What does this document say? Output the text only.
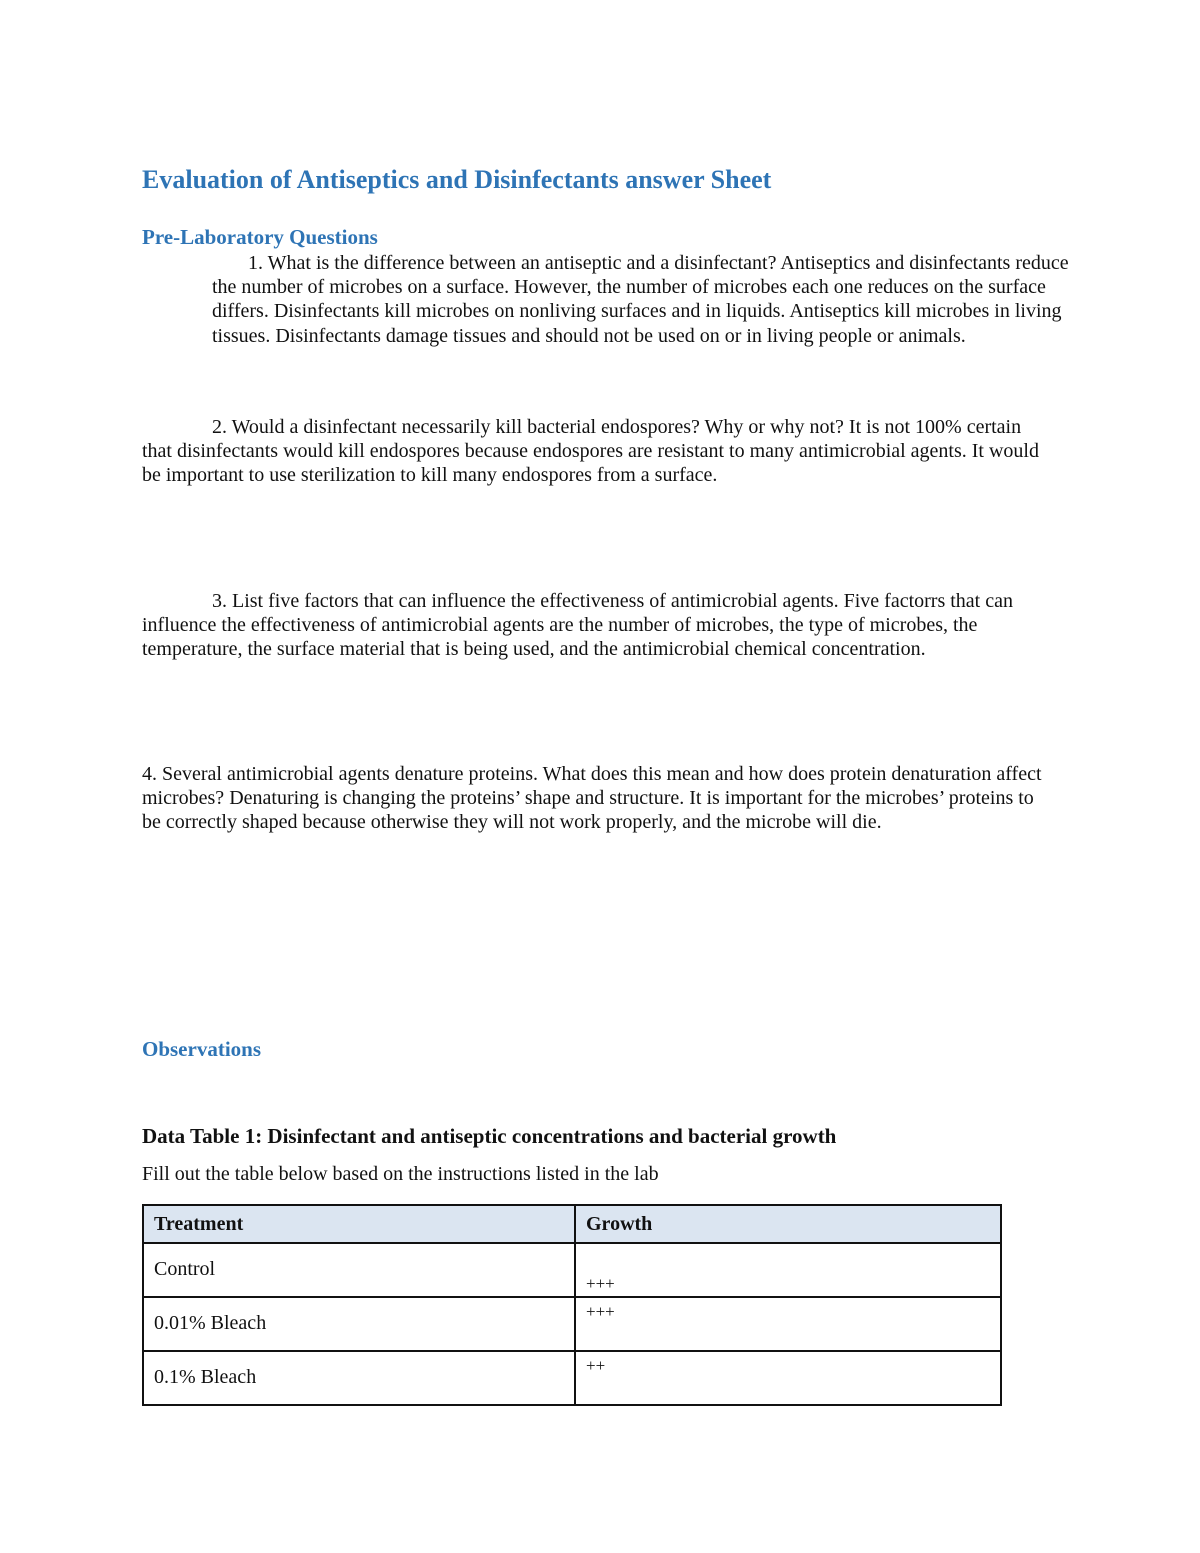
Evaluation of Antiseptics and Disinfectants answer Sheet
Pre-Laboratory Questions

1. What is the difference between an antiseptic and a disinfectant? Antiseptics and disinfectants reduce the number of microbes on a surface. However, the number of microbes each one reduces on the surface differs. Disinfectants kill microbes on nonliving surfaces and in liquids. Antiseptics kill microbes in living tissues. Disinfectants damage tissues and should not be used on or in living people or animals.

2. Would a disinfectant necessarily kill bacterial endospores? Why or why not? It is not 100% certain that disinfectants would kill endospores because endospores are resistant to many antimicrobial agents. It would be important to use sterilization to kill many endospores from a surface.

3. List five factors that can influence the effectiveness of antimicrobial agents. Five factorrs that can influence the effectiveness of antimicrobial agents are the number of microbes, the type of microbes, the temperature, the surface material that is being used, and the antimicrobial chemical concentration.

4. Several antimicrobial agents denature proteins. What does this mean and how does protein denaturation affect microbes? Denaturing is changing the proteins’ shape and structure. It is important for the microbes’ proteins to be correctly shaped because otherwise they will not work properly, and the microbe will die.

Observations
Data Table 1: Disinfectant and antiseptic concentrations and bacterial growth
Fill out the table below based on the instructions listed in the lab
Treatment	Growth

Control	+++

0.01% Bleach	+++

0.1% Bleach	++
